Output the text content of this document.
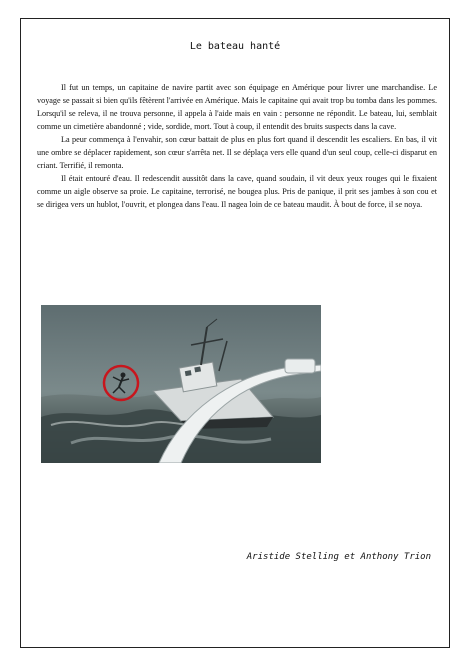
Le bateau hanté

Il fut un temps, un capitaine de navire partit avec son équipage en Amérique pour livrer une marchandise. Le voyage se passait si bien qu'ils fêtèrent l'arrivée en Amérique. Mais le capitaine qui avait trop bu tomba dans les pommes. Lorsqu'il se releva, il ne trouva personne, il appela à l'aide mais en vain : personne ne répondit. Le bateau, lui, semblait comme un cimetière abandonné ; vide, sordide, mort. Tout à coup, il entendit des bruits suspects dans la cave.

La peur commença à l'envahir, son cœur battait de plus en plus fort quand il descendit les escaliers. En bas, il vit une ombre se déplacer rapidement, son cœur s'arrêta net. Il se déplaça vers elle quand d'un seul coup, celle-ci disparut en criant. Terrifié, il remonta.

Il était entouré d'eau. Il redescendit aussitôt dans la cave, quand soudain, il vit deux yeux rouges qui le fixaient comme un aigle observe sa proie. Le capitaine, terrorisé, ne bougea plus. Pris de panique, il prit ses jambes à son cou et se dirigea vers un hublot, l'ouvrit, et plongea dans l'eau. Il nagea loin de ce bateau maudit. À bout de force, il se noya.

Aristide Stelling et Anthony Trion
